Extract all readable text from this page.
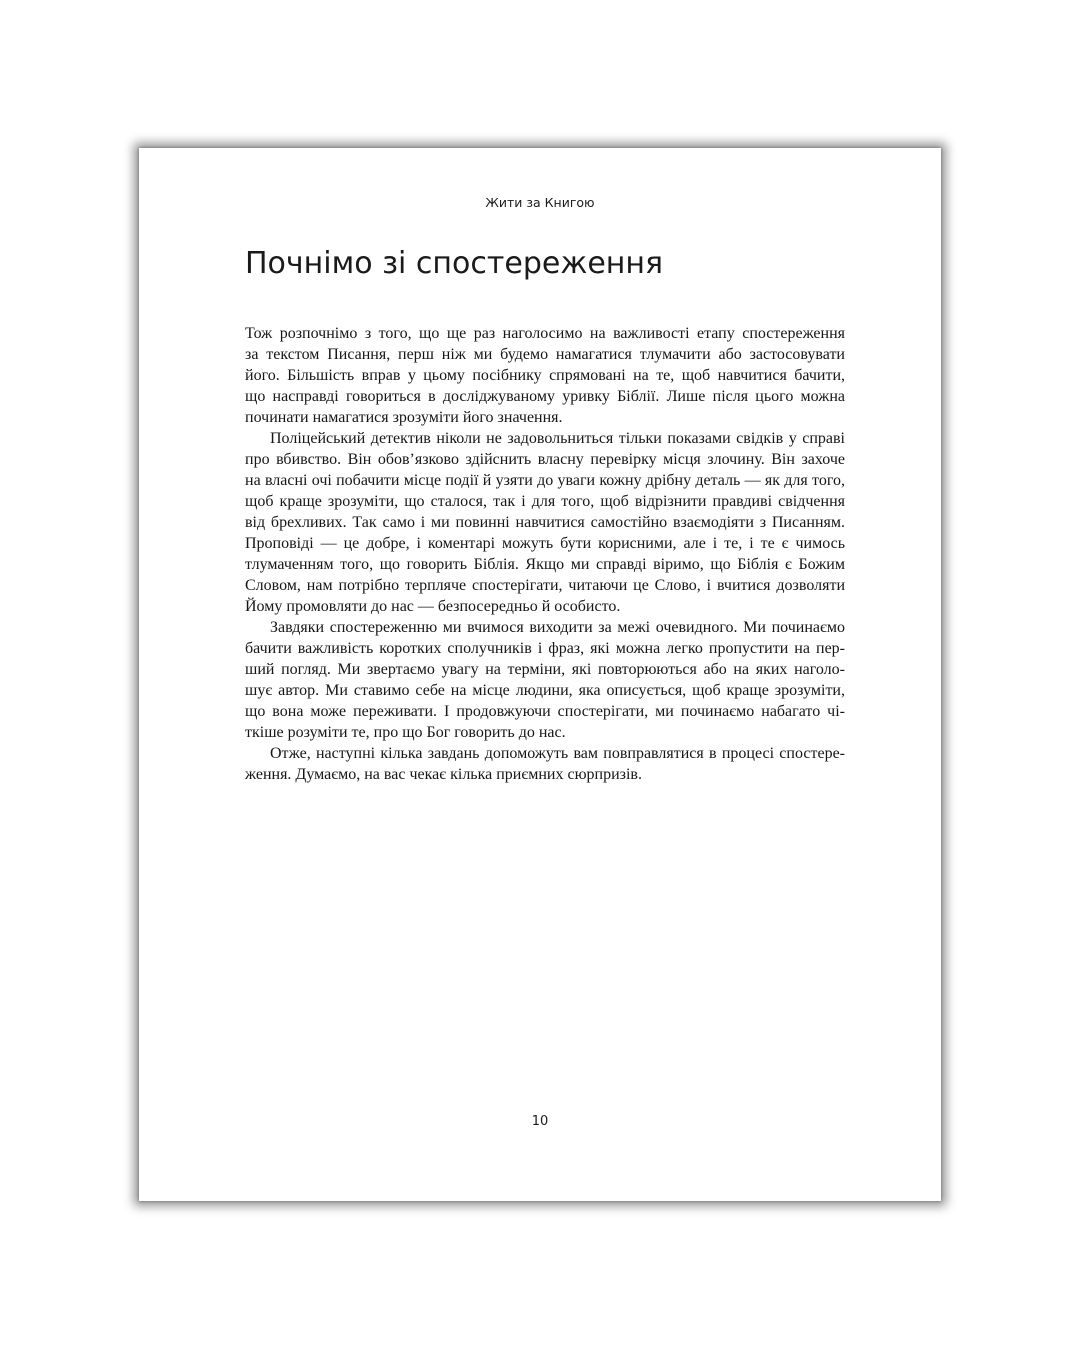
Жити за Книгою
Почнімо зі спостереження
Тож розпочнімо з того, що ще раз наголосимо на важливості етапу спостереження
за текстом Писання, перш ніж ми будемо намагатися тлумачити або застосовувати
його. Більшість вправ у цьому посібнику спрямовані на те, щоб навчитися бачити,
що насправді говориться в досліджуваному уривку Біблії. Лише після цього можна
починати намагатися зрозуміти його значення.
Поліцейський детектив ніколи не задовольниться тільки показами свідків у справі
про вбивство. Він обов’язково здійснить власну перевірку місця злочину. Він захоче
на власні очі побачити місце події й узяти до уваги кожну дрібну деталь — як для того,
щоб краще зрозуміти, що сталося, так і для того, щоб відрізнити правдиві свідчення
від брехливих. Так само і ми повинні навчитися самостійно взаємодіяти з Писанням.
Проповіді — це добре, і коментарі можуть бути корисними, але і те, і те є чимось
тлумаченням того, що говорить Біблія. Якщо ми справді віримо, що Біблія є Божим
Словом, нам потрібно терпляче спостерігати, читаючи це Слово, і вчитися дозволяти
Йому промовляти до нас — безпосередньо й особисто.
Завдяки спостереженню ми вчимося виходити за межі очевидного. Ми починаємо
бачити важливість коротких сполучників і фраз, які можна легко пропустити на пер-
ший погляд. Ми звертаємо увагу на терміни, які повторюються або на яких наголо-
шує автор. Ми ставимо себе на місце людини, яка описується, щоб краще зрозуміти,
що вона може переживати. І продовжуючи спостерігати, ми починаємо набагато чі-
ткіше розуміти те, про що Бог говорить до нас.
Отже, наступні кілька завдань допоможуть вам повправлятися в процесі спостере-
ження. Думаємо, на вас чекає кілька приємних сюрпризів.
10
